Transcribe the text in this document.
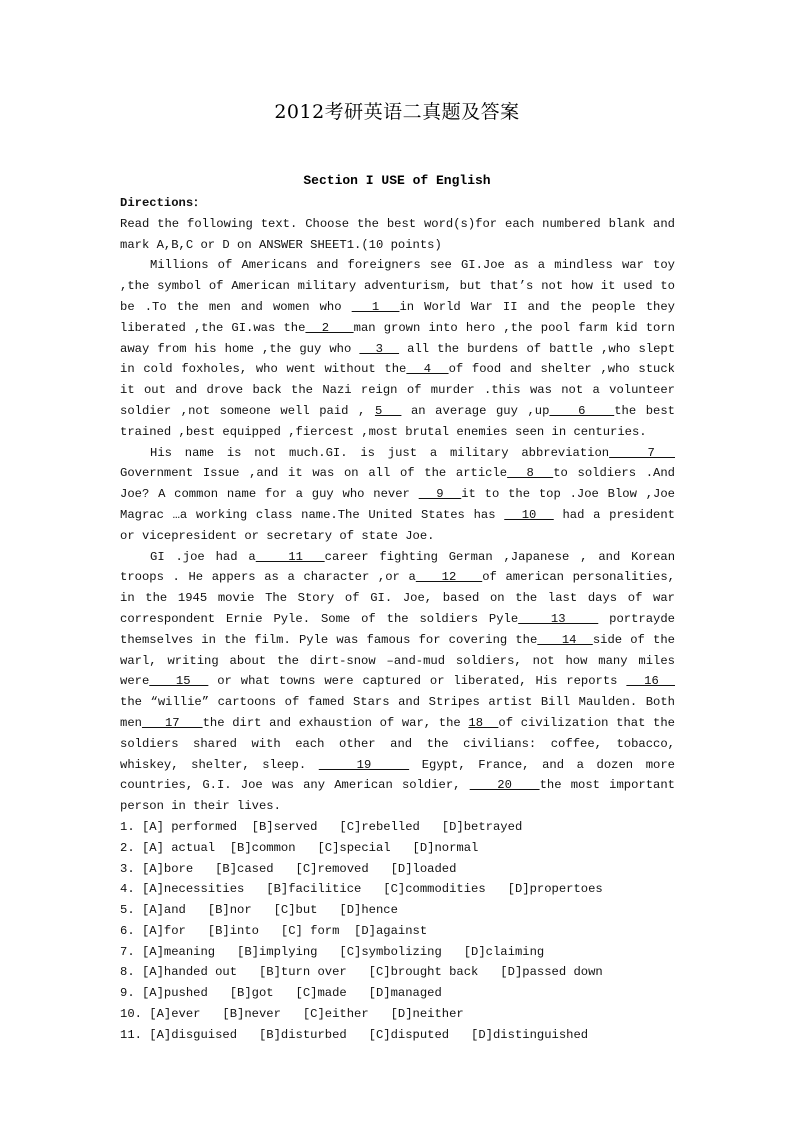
2012考研英语二真题及答案
Section I USE of English
Directions：

Read the following text. Choose the best word(s)for each numbered blank and mark A,B,C or D on ANSWER SHEET1.(10 points)

Millions of Americans and foreigners see GI.Joe as a mindless war toy ,the symbol of American military adventurism, but that’s not how it used to be .To the men and women who   1  in World War II and the people they liberated ,the GI.was the  2   man grown into hero ,the pool farm kid torn away from his home ,the guy who   3   all the burdens of battle ,who slept in cold foxholes, who went without the  4  of food and shelter ,who stuck it out and drove back the Nazi reign of murder .this was not a volunteer soldier ,not someone well paid , 5   an average guy ,up   6   the best trained ,best equipped ,fiercest ,most brutal enemies seen in centuries.

His name is not much.GI. is just a military abbreviation   7   Government Issue ,and it was on all of the article  8  to soldiers .And Joe? A common name for a guy who never   9  it to the top .Joe Blow ,Joe Magrac …a working class name.The United States has   10   had a president or vicepresident or secretary of state Joe.

GI .joe had a   11  career fighting German ,Japanese , and Korean troops . He appers as a character ,or a   12   of american personalities, in the 1945 movie The Story of GI. Joe, based on the last days of war correspondent Ernie Pyle. Some of the soldiers Pyle   13    portrayde themselves in the film. Pyle was famous for covering the   14  side of the warl, writing about the dirt-snow –and-mud soldiers, not how many miles were   15   or what towns were captured or liberated, His reports   16   the “willie” cartoons of famed Stars and Stripes artist Bill Maulden. Both men   17   the dirt and exhaustion of war, the 18  of civilization that the soldiers shared with each other and the civilians: coffee, tobacco, whiskey, shelter, sleep.    19    Egypt, France, and a dozen more countries, G.I. Joe was any American soldier,    20   the most important person in their lives.

1. [A] performed  [B]served   [C]rebelled   [D]betrayed
2. [A] actual  [B]common   [C]special   [D]normal
3. [A]bore   [B]cased   [C]removed   [D]loaded
4. [A]necessities   [B]facilitice   [C]commodities   [D]propertoes
5. [A]and   [B]nor   [C]but   [D]hence
6. [A]for   [B]into   [C] form  [D]against
7. [A]meaning   [B]implying   [C]symbolizing   [D]claiming
8. [A]handed out   [B]turn over   [C]brought back   [D]passed down
9. [A]pushed   [B]got   [C]made   [D]managed
10. [A]ever   [B]never   [C]either   [D]neither
11. [A]disguised   [B]disturbed   [C]disputed   [D]distinguished
